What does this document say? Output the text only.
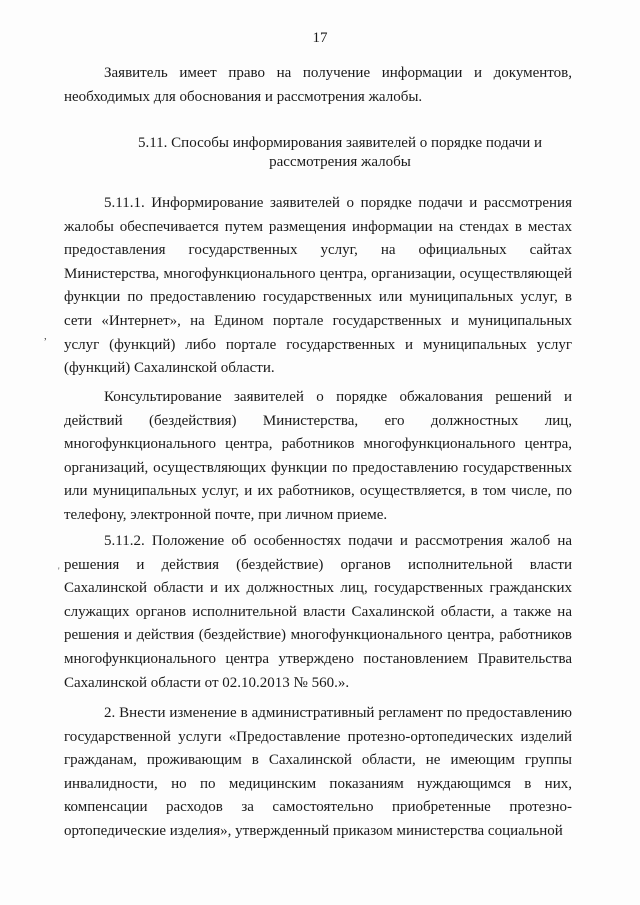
17

Заявитель имеет право на получение информации и документов, необходимых для обоснования и рассмотрения жалобы.

5.11. Способы информирования заявителей о порядке подачи и рассмотрения жалобы
,
'

5.11.1. Информирование заявителей о порядке подачи и рассмотрения жалобы обеспечивается путем размещения информации на стендах в местах предоставления государственных услуг, на официальных сайтах Министерства, многофункционального центра, организации, осуществляющей функции по предоставлению государственных или муниципальных услуг, в сети «Интернет», на Едином портале государственных и муниципальных услуг (функций) либо портале государственных и муниципальных услуг (функций) Сахалинской области.

Консультирование заявителей о порядке обжалования решений и действий (бездействия) Министерства, его должностных лиц, многофункционального центра, работников многофункционального центра, организаций, осуществляющих функции по предоставлению государственных или муниципальных услуг, и их работников, осуществляется, в том числе, по телефону, электронной почте, при личном приеме.

5.11.2. Положение об особенностях подачи и рассмотрения жалоб на решения и действия (бездействие) органов исполнительной власти Сахалинской области и их должностных лиц, государственных гражданских служащих органов исполнительной власти Сахалинской области, а также на решения и действия (бездействие) многофункционального центра, работников многофункционального центра утверждено постановлением Правительства Сахалинской области от 02.10.2013 № 560.».

2. Внести изменение в административный регламент по предоставлению государственной услуги «Предоставление протезно-ортопедических изделий гражданам, проживающим в Сахалинской области, не имеющим группы инвалидности, но по медицинским показаниям нуждающимся в них, компенсации расходов за самостоятельно приобретенные протезно-ортопедические изделия», утвержденный приказом министерства социальной
